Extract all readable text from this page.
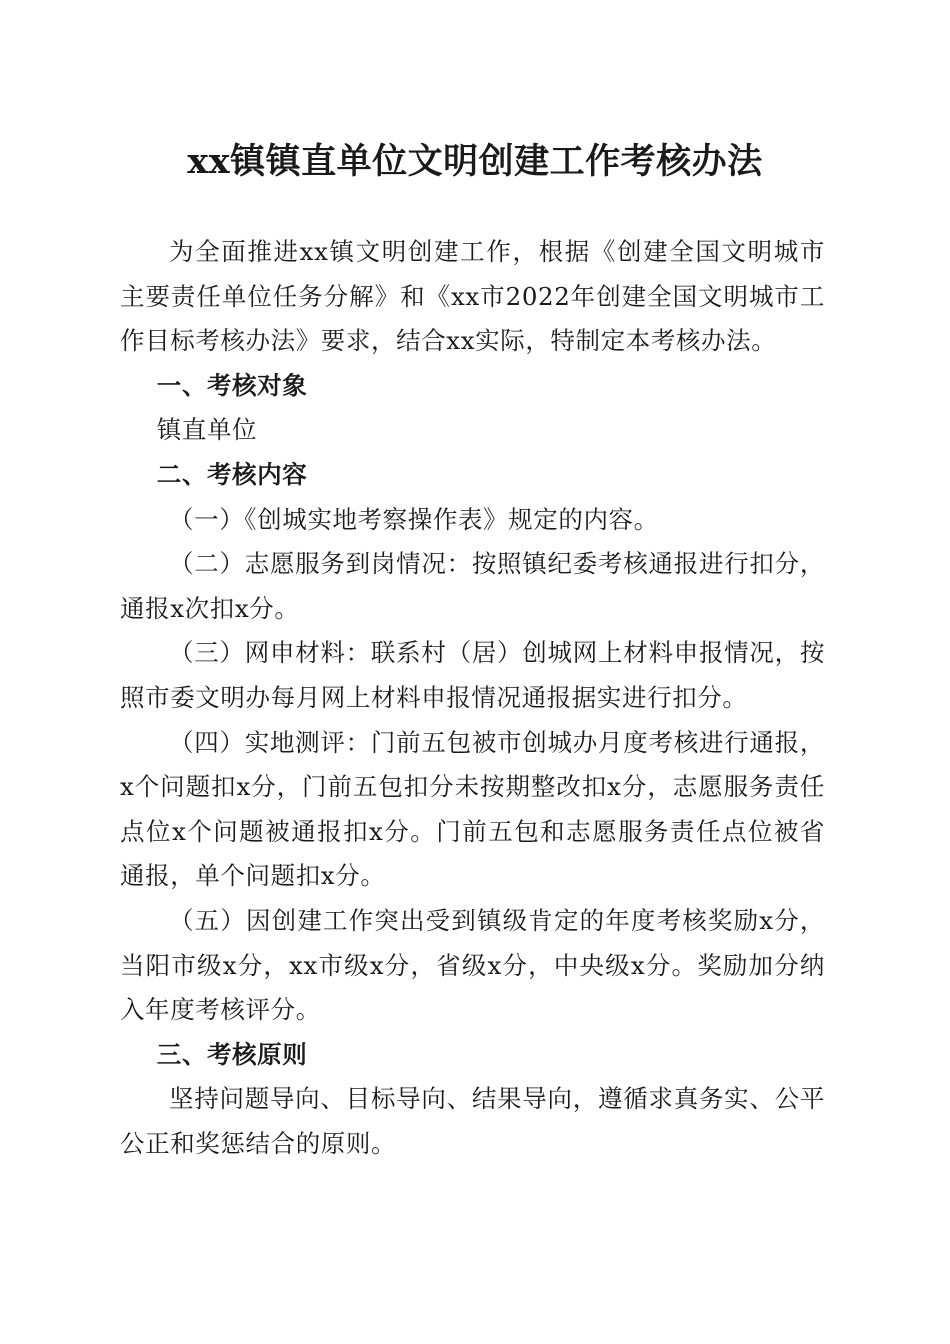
xx镇镇直单位文明创建工作考核办法

为全面推进xx镇文明创建工作，根据《创建全国文明城市主要责任单位任务分解》和《xx市2022年创建全国文明城市工作目标考核办法》要求，结合xx实际，特制定本考核办法。

一、考核对象

镇直单位

二、考核内容

（一）《创城实地考察操作表》规定的内容。

（二）志愿服务到岗情况：按照镇纪委考核通报进行扣分，通报x次扣x分。

（三）网申材料：联系村（居）创城网上材料申报情况，按照市委文明办每月网上材料申报情况通报据实进行扣分。

（四）实地测评：门前五包被市创城办月度考核进行通报，x个问题扣x分，门前五包扣分未按期整改扣x分，志愿服务责任点位x个问题被通报扣x分。门前五包和志愿服务责任点位被省通报，单个问题扣x分。

（五）因创建工作突出受到镇级肯定的年度考核奖励x分，当阳市级x分，xx市级x分，省级x分，中央级x分。奖励加分纳入年度考核评分。

三、考核原则

坚持问题导向、目标导向、结果导向，遵循求真务实、公平公正和奖惩结合的原则。
